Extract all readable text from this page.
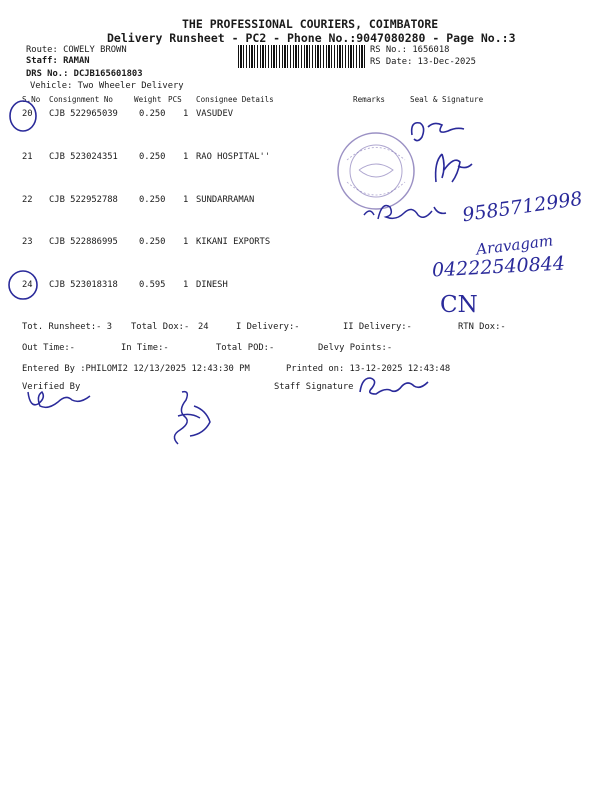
THE PROFESSIONAL COURIERS, COIMBATORE
Delivery Runsheet - PC2 - Phone No.:9047080280 - Page No.:3
Route: COWELY BROWN
Staff: RAMAN
DRS No.: DCJB165601803
Vehicle: Two Wheeler Delivery
RS No.: 1656018
RS Date: 13-Dec-2025
S.No Consignment No	Weight PCS Consignee Details	Remarks	Seal & Signature
20 CJB 522965039 0.250 1 VASUDEV
21 CJB 523024351 0.250 1 RAO HOSPITAL''
22 CJB 522952788 0.250 1 SUNDARRAMAN
23 CJB 522886995 0.250 1 KIKANI EXPORTS
24 CJB 523018318 0.595 1 DINESH
Tot. Runsheet:- 3 Total Dox:- 24	I Delivery:-	II Delivery:-	RTN Dox:-
Out Time:-	In Time:-	Total POD:-	Delvy Points:-
Entered By :PHILOMI2 12/13/2025 12:43:30 PM	Printed on: 13-12-2025 12:43:48
Verified By	Staff Signature
9585712998
Aravagam
04222540844
CN
